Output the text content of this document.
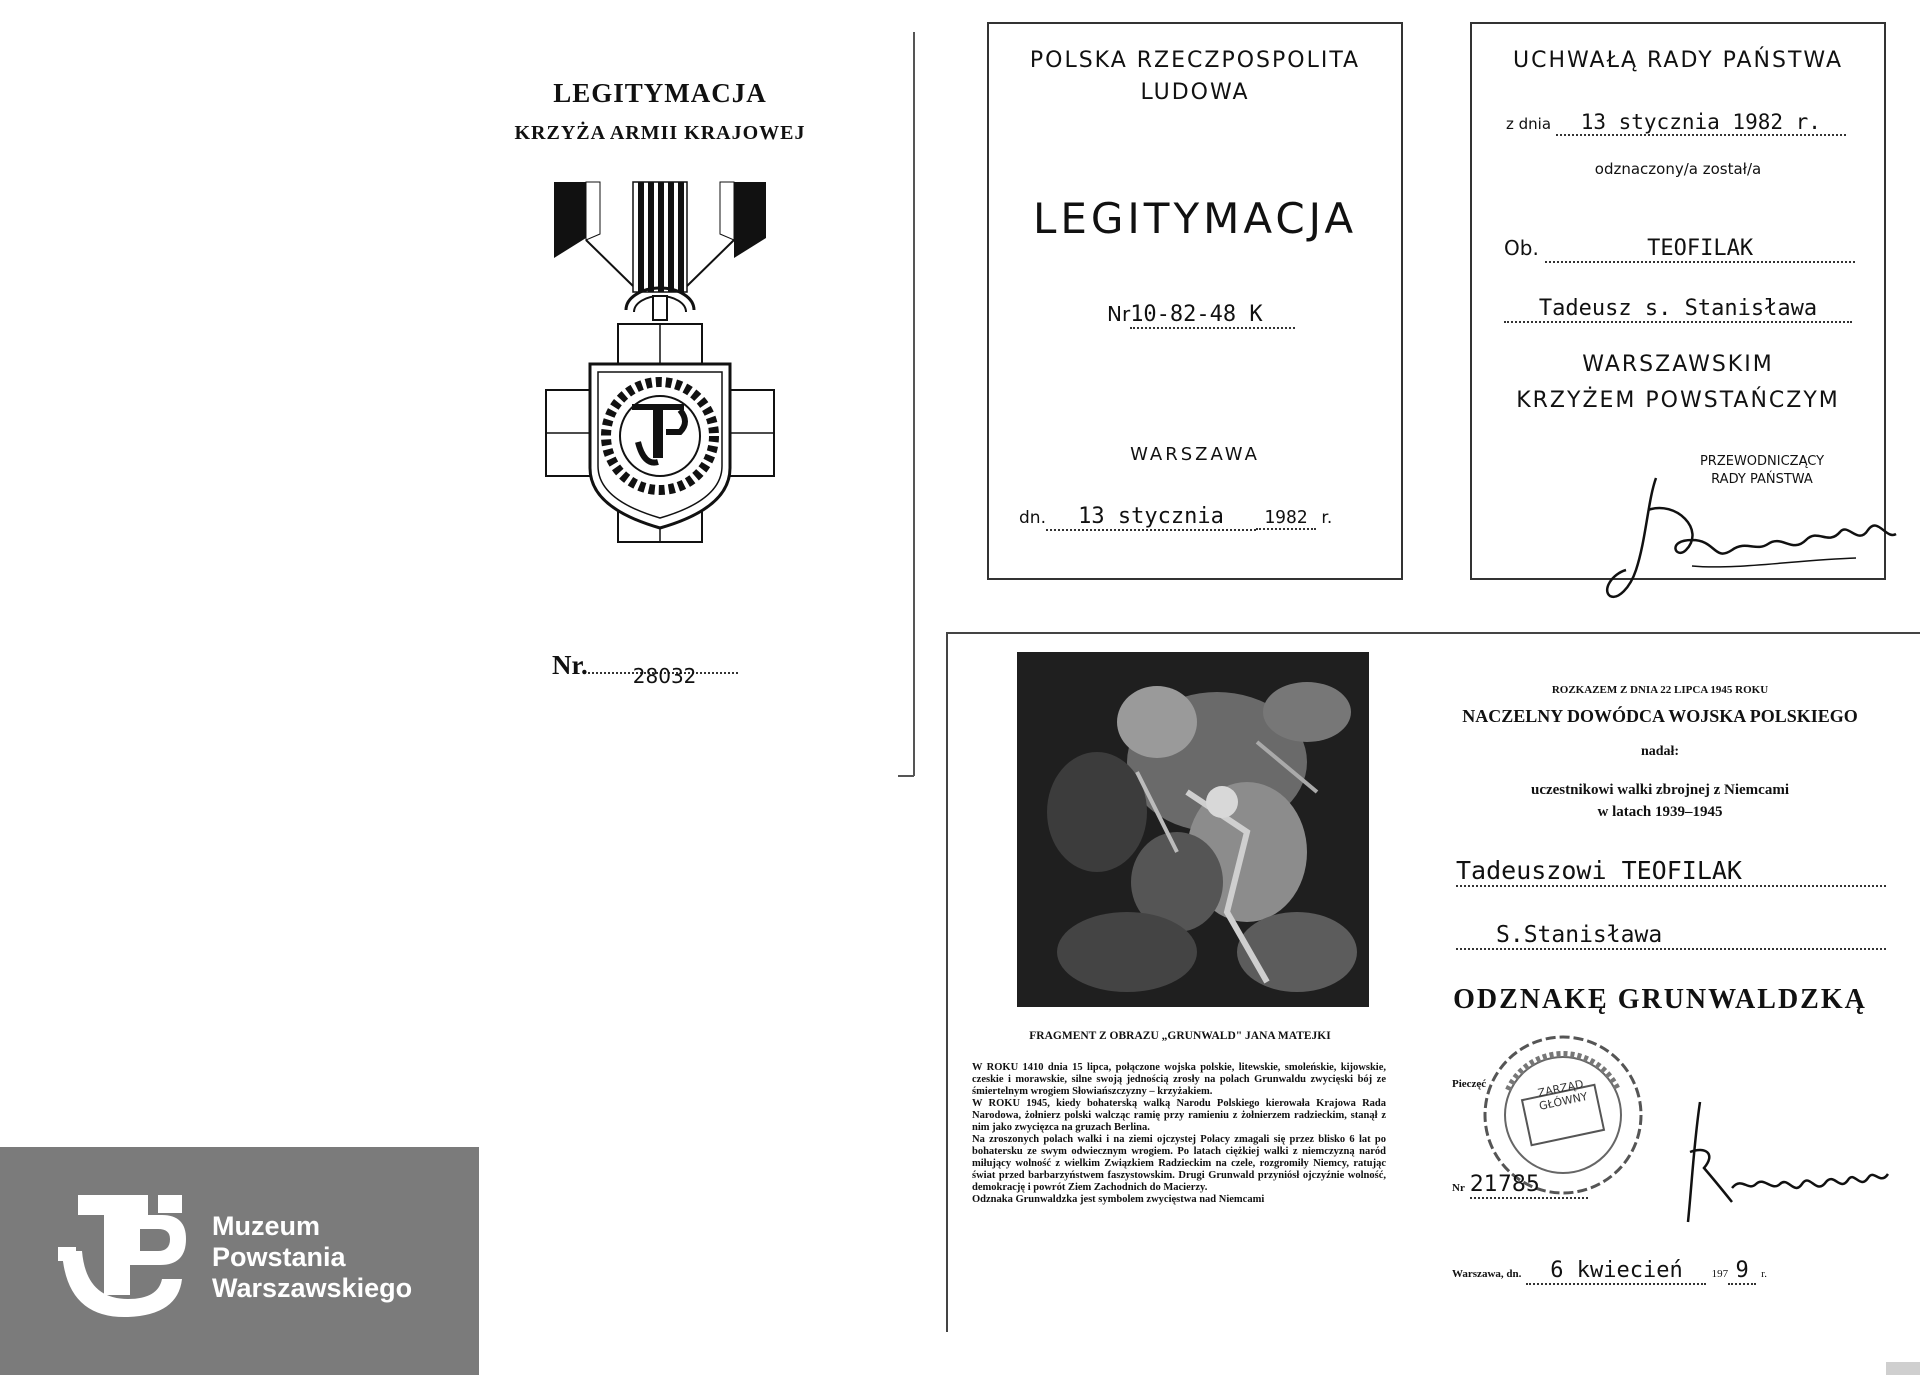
LEGITYMACJA
KRZYŻA ARMII KRAJOWEJ
Nr. 28032
POLSKA RZECZPOSPOLITA
LUDOWA
LEGITYMACJA
Nr10-82-48 K
WARSZAWA
dn. 13 stycznia 1982 r.
UCHWAŁĄ RADY PAŃSTWA
z dnia 13 stycznia 1982 r.
odznaczony/a został/a
Ob.	TEOFILAK
Tadeusz s. Stanisława
WARSZAWSKIM
KRZYŻEM POWSTAŃCZYM
PRZEWODNICZĄCY
RADY PAŃSTWA
FRAGMENT Z OBRAZU „GRUNWALD" JANA MATEJKI
W ROKU 1410 dnia 15 lipca, połączone wojska polskie, litewskie, smoleńskie, kijowskie, czeskie i morawskie, silne swoją jednością zrosły na polach Grunwaldu zwycięski bój ze śmiertelnym wrogiem Słowiańszczyzny – krzyżakiem.
W ROKU 1945, kiedy bohaterską walką Narodu Polskiego kierowała Krajowa Rada Narodowa, żołnierz polski walcząc ramię przy ramieniu z żołnierzem radzieckim, stanął z nim jako zwycięzca na gruzach Berlina.
Na zroszonych polach walki i na ziemi ojczystej Polacy zmagali się przez blisko 6 lat po bohatersku ze swym odwiecznym wrogiem. Po latach ciężkiej walki z niemczyzną naród miłujący wolność z wielkim Związkiem Radzieckim na czele, rozgromiły Niemcy, ratując świat przed barbarzyństwem faszystowskim. Drugi Grunwald przyniósł ojczyźnie wolność, demokrację i powrót Ziem Zachodnich do Macierzy.
Odznaka Grunwaldzka jest symbolem zwycięstwa nad Niemcami
ROZKAZEM Z DNIA 22 LIPCA 1945 ROKU
NACZELNY DOWÓDCA WOJSKA POLSKIEGO
nadał:
uczestnikowi walki zbrojnej z Niemcami
w latach 1939–1945
Tadeuszowi TEOFILAK
S.Stanisława
ODZNAKĘ GRUNWALDZKĄ
Pieczęć	ZARZĄD GŁÓWNY
Nr 21785
Warszawa, dn. 6 kwiecień	197 9 r.
Muzeum
Powstania
Warszawskiego
